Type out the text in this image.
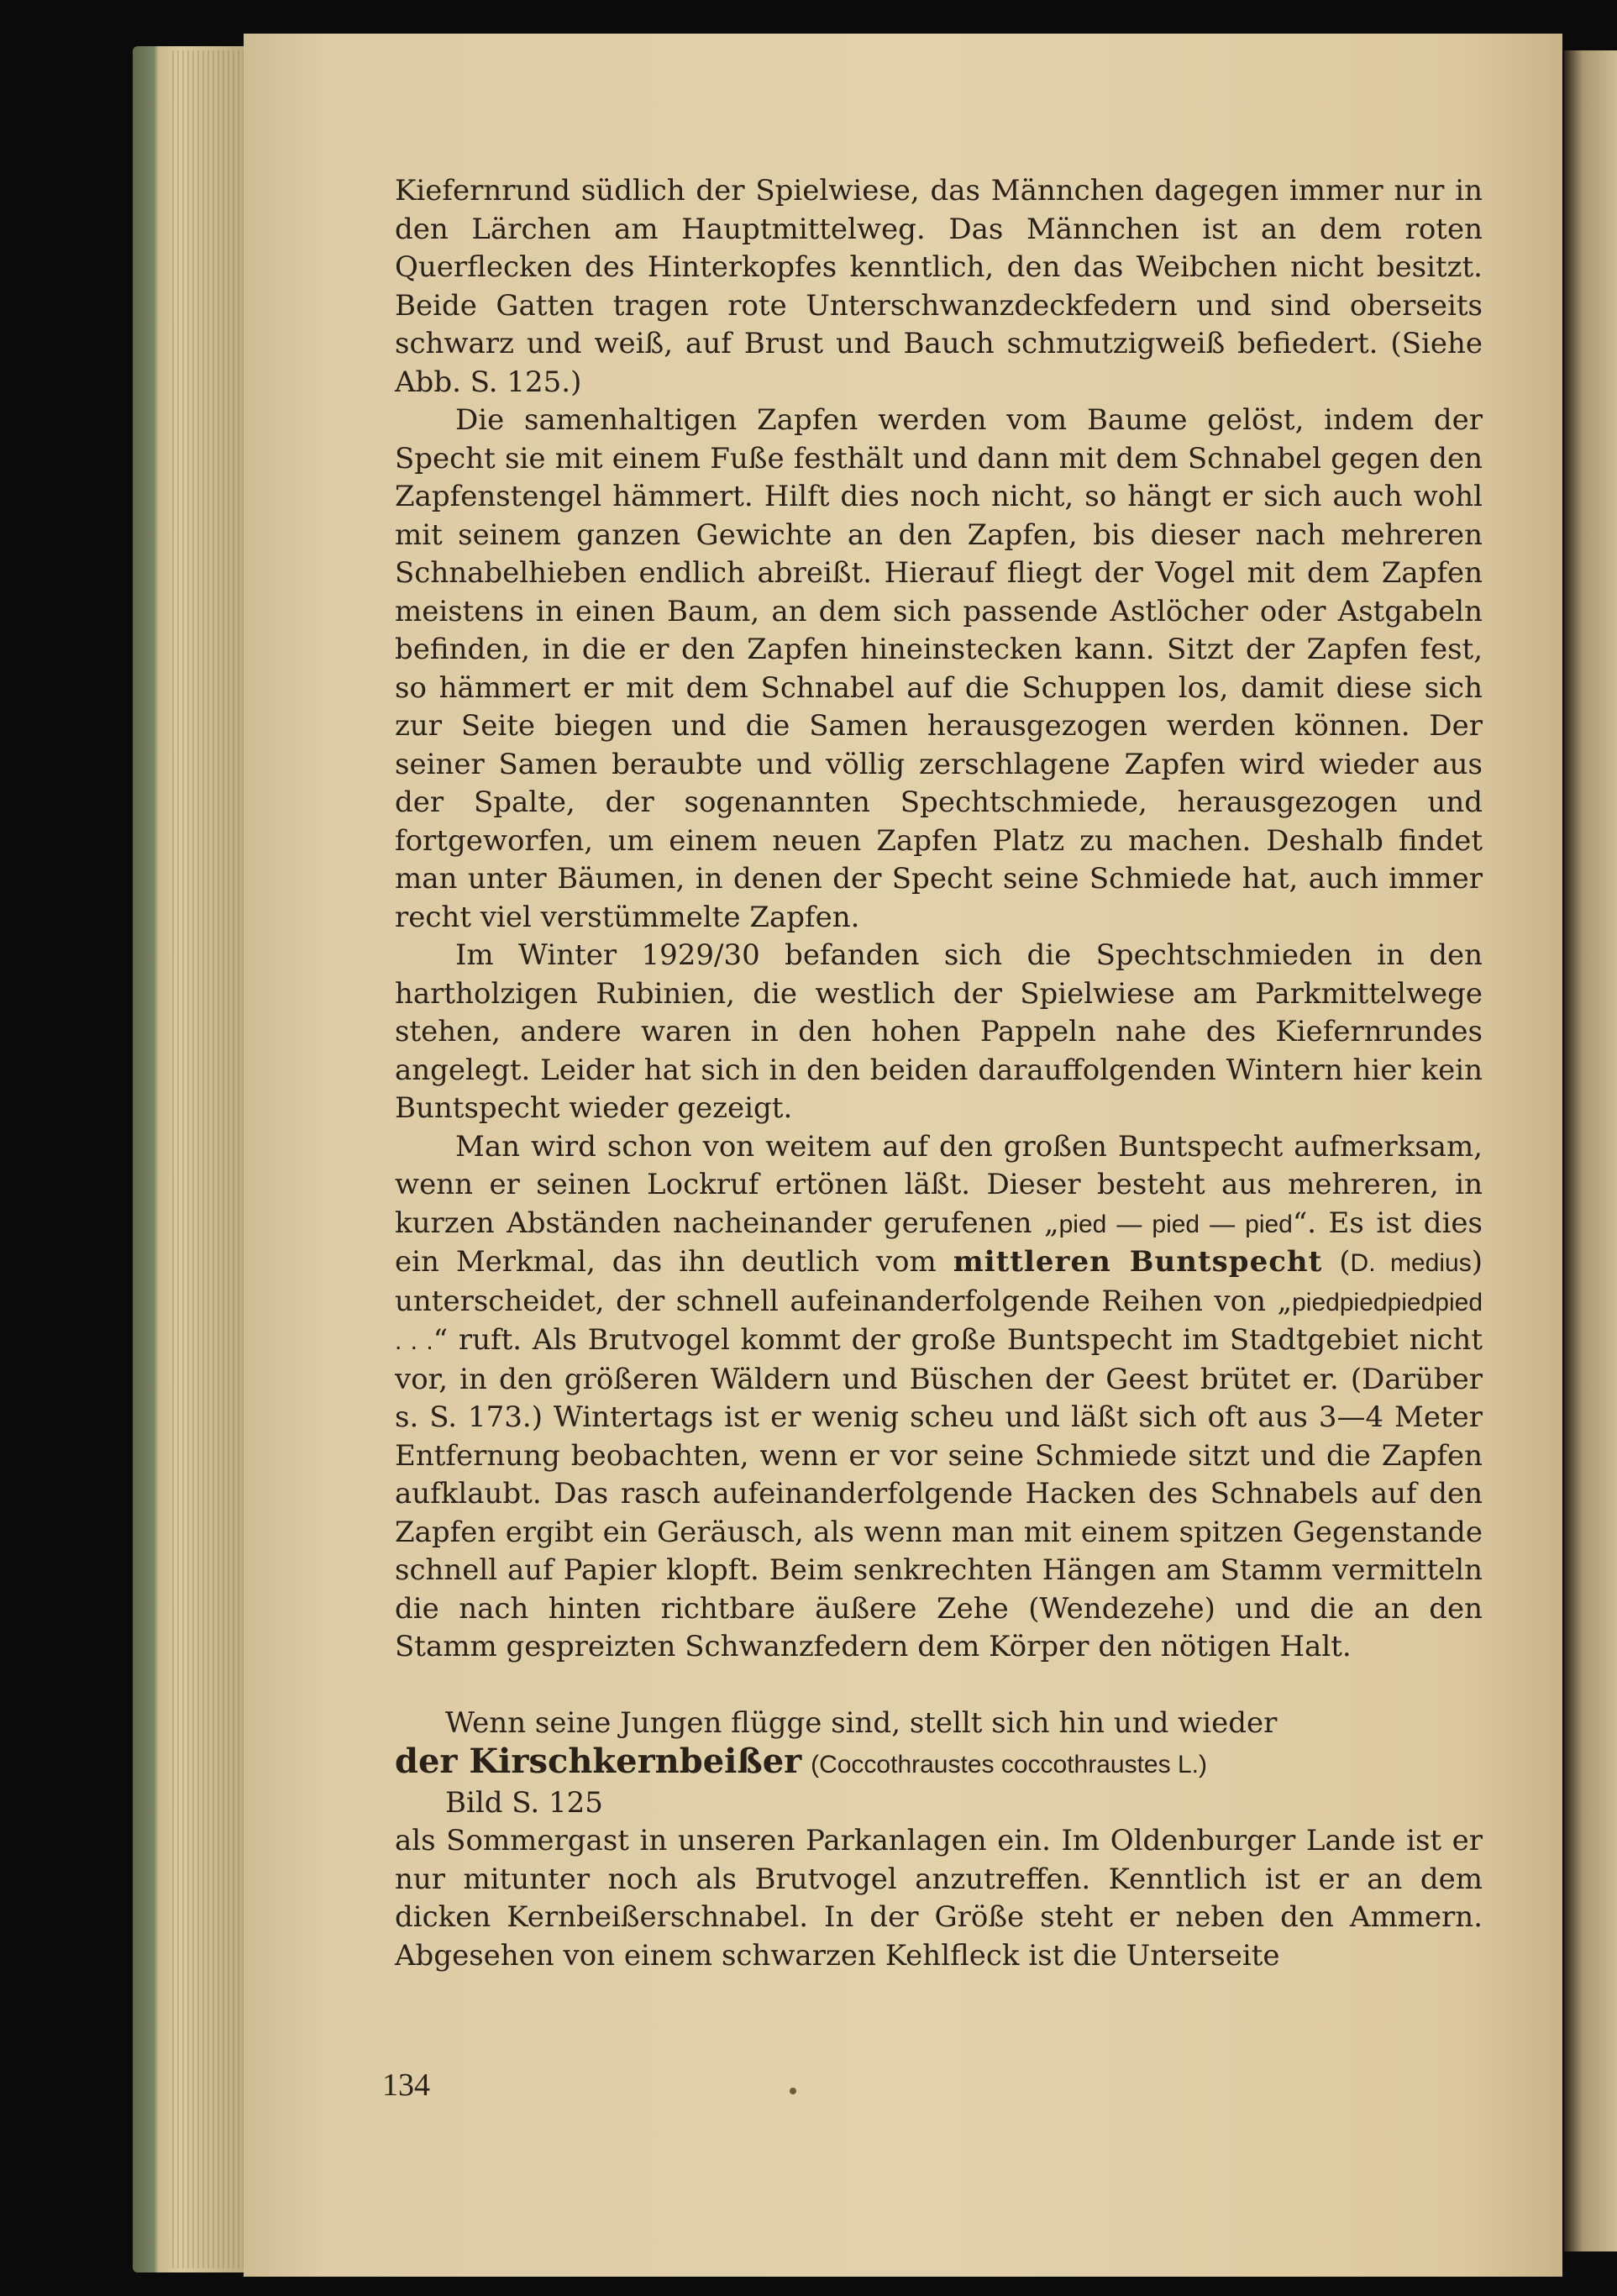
Kiefernrund südlich der Spielwiese, das Männchen dagegen immer nur in den Lärchen am Hauptmittelweg. Das Männchen ist an dem roten Querflecken des Hinterkopfes kenntlich, den das Weibchen nicht besitzt. Beide Gatten tragen rote Unterschwanzdeckfedern und sind oberseits schwarz und weiß, auf Brust und Bauch schmutzigweiß befiedert. (Siehe Abb. S. 125.)

Die samenhaltigen Zapfen werden vom Baume gelöst, indem der Specht sie mit einem Fuße festhält und dann mit dem Schnabel gegen den Zapfenstengel hämmert. Hilft dies noch nicht, so hängt er sich auch wohl mit seinem ganzen Gewichte an den Zapfen, bis dieser nach mehreren Schnabelhieben endlich abreißt. Hierauf fliegt der Vogel mit dem Zapfen meistens in einen Baum, an dem sich passende Astlöcher oder Astgabeln befinden, in die er den Zapfen hineinstecken kann. Sitzt der Zapfen fest, so hämmert er mit dem Schnabel auf die Schuppen los, damit diese sich zur Seite biegen und die Samen herausgezogen werden können. Der seiner Samen beraubte und völlig zerschlagene Zapfen wird wieder aus der Spalte, der sogenannten Spechtschmiede, herausgezogen und fortgeworfen, um einem neuen Zapfen Platz zu machen. Deshalb findet man unter Bäumen, in denen der Specht seine Schmiede hat, auch immer recht viel verstümmelte Zapfen.

Im Winter 1929/30 befanden sich die Spechtschmieden in den hartholzigen Rubinien, die westlich der Spielwiese am Parkmittelwege stehen, andere waren in den hohen Pappeln nahe des Kiefernrundes angelegt. Leider hat sich in den beiden darauffolgenden Wintern hier kein Buntspecht wieder gezeigt.

Man wird schon von weitem auf den großen Buntspecht aufmerksam, wenn er seinen Lockruf ertönen läßt. Dieser besteht aus mehreren, in kurzen Abständen nacheinander gerufenen „pied — pied — pied“. Es ist dies ein Merkmal, das ihn deutlich vom mittleren Buntspecht (D. medius) unterscheidet, der schnell aufeinanderfolgende Reihen von „piedpiedpiedpied . . .“ ruft. Als Brutvogel kommt der große Buntspecht im Stadtgebiet nicht vor, in den größeren Wäldern und Büschen der Geest brütet er. (Darüber s. S. 173.) Wintertags ist er wenig scheu und läßt sich oft aus 3—4 Meter Entfernung beobachten, wenn er vor seine Schmiede sitzt und die Zapfen aufklaubt. Das rasch aufeinanderfolgende Hacken des Schnabels auf den Zapfen ergibt ein Geräusch, als wenn man mit einem spitzen Gegenstande schnell auf Papier klopft. Beim senkrechten Hängen am Stamm vermitteln die nach hinten richtbare äußere Zehe (Wendezehe) und die an den Stamm gespreizten Schwanzfedern dem Körper den nötigen Halt.

Wenn seine Jungen flügge sind, stellt sich hin und wieder
der Kirschkernbeißer (Coccothraustes coccothraustes L.)
Bild S. 125

als Sommergast in unseren Parkanlagen ein. Im Oldenburger Lande ist er nur mitunter noch als Brutvogel anzutreffen. Kenntlich ist er an dem dicken Kernbeißerschnabel. In der Größe steht er neben den Ammern. Abgesehen von einem schwarzen Kehlfleck ist die Unterseite

134
